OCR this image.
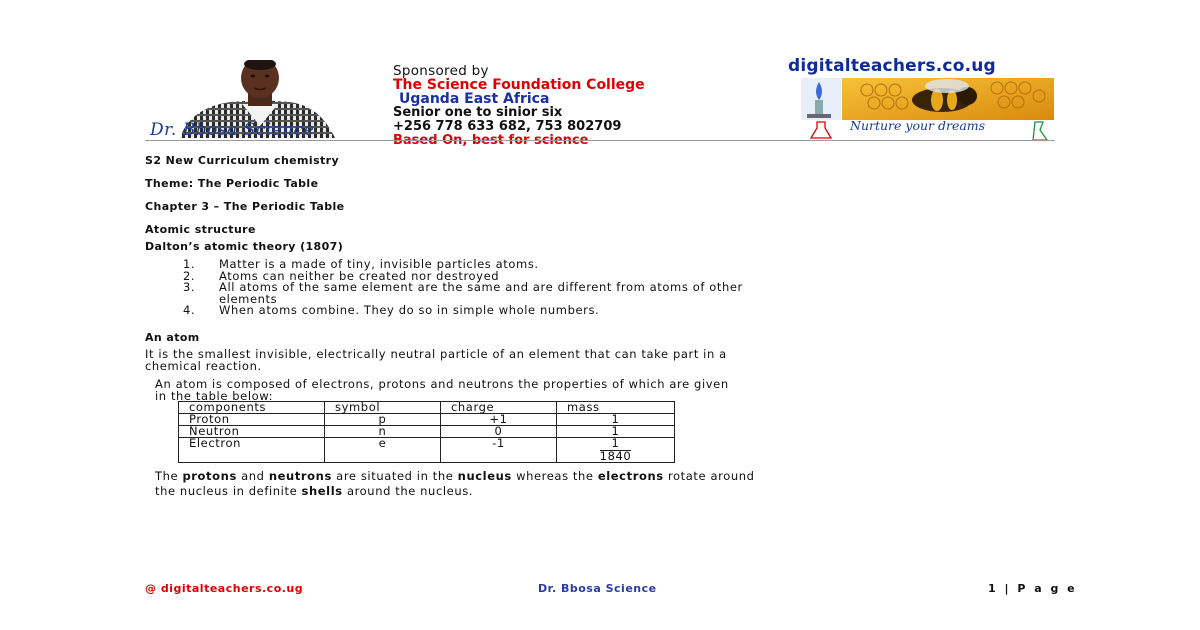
Dr. Bbosa Science
Sponsored by
The Science Foundation College
Uganda East Africa
Senior one to sinior six
+256 778 633 682, 753 802709
Based On, best for science
digitalteachers.co.ug
Nurture your dreams
S2 New Curriculum chemistry
Theme: The Periodic Table
Chapter 3 – The Periodic Table
Atomic structure
Dalton’s atomic theory (1807)
1.	Matter is a made of tiny, invisible particles atoms.
2.	Atoms can neither be created nor destroyed
3.	All atoms of the same element are the same and are different from atoms of other
elements
4.	When atoms combine. They do so in simple whole numbers.
An atom
It is the smallest invisible, electrically neutral particle of an element that can take part in a
chemical reaction.
An atom is composed of electrons, protons and neutrons the properties of which are given
in the table below:
components	symbol	charge	mass
Proton	p	+1	1
Neutron	n	0	1
Electron	e	-1	$\frac{1}{1840}$
The protons and neutrons are situated in the nucleus whereas the electrons rotate around
the nucleus in definite shells around the nucleus.
@ digitalteachers.co.ug	Dr. Bbosa Science	1 | P a g e
